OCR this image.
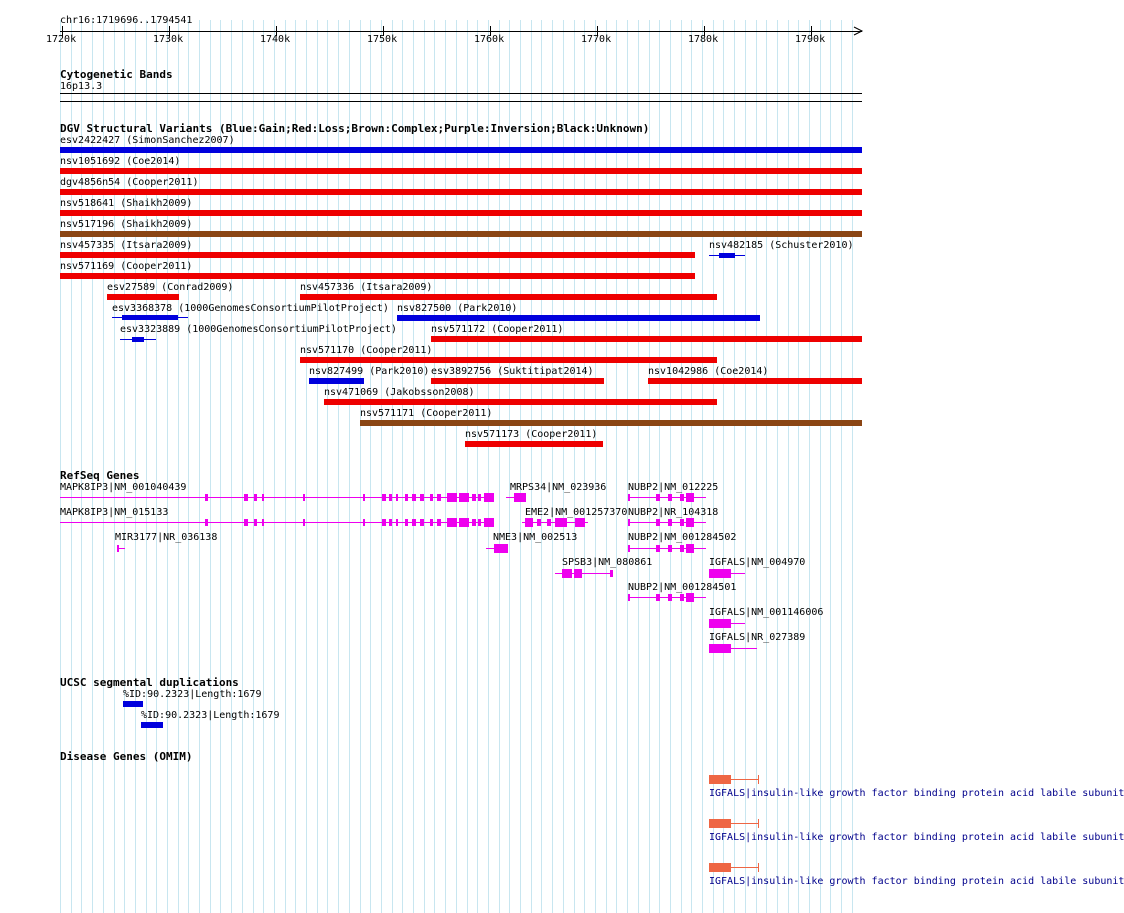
chr16:1719696..1794541
1720k	1730k	1740k	1750k	1760k	1770k	1780k	1790k
Cytogenetic Bands
16p13.3
DGV Structural Variants (Blue:Gain;Red:Loss;Brown:Complex;Purple:Inversion;Black:Unknown)
esv2422427 (SimonSanchez2007)
nsv1051692 (Coe2014)
dgv4856n54 (Cooper2011)
nsv518641 (Shaikh2009)
nsv517196 (Shaikh2009)
nsv457335 (Itsara2009)	nsv482185 (Schuster2010)
nsv571169 (Cooper2011)
esv27589 (Conrad2009)	nsv457336 (Itsara2009)
esv3368378 (1000GenomesConsortiumPilotProject) nsv827500 (Park2010)
esv3323889 (1000GenomesConsortiumPilotProject)	nsv571172 (Cooper2011)
nsv571170 (Cooper2011)
nsv827499 (Park2010) esv3892756 (Suktitipat2014)	nsv1042986 (Coe2014)
nsv471069 (Jakobsson2008)
nsv571171 (Cooper2011)
nsv571173 (Cooper2011)
RefSeq Genes
MAPK8IP3|NM_001040439
MAPK8IP3|NM_015133
MRPS34|NM_023936
EME2|NM_001257370
MIR3177|NR_036138	NME3|NM_002513
NUBP2|NM_012225
NUBP2|NR_104318
NUBP2|NM_001284502
SPSB3|NM_080861
NUBP2|NM_001284501
IGFALS|NM_004970
IGFALS|NM_001146006
IGFALS|NR_027389
UCSC segmental duplications
%ID:90.2323|Length:1679
%ID:90.2323|Length:1679
Disease Genes (OMIM)
IGFALS|insulin-like growth factor binding protein acid labile subunit
IGFALS|insulin-like growth factor binding protein acid labile subunit
IGFALS|insulin-like growth factor binding protein acid labile subunit
